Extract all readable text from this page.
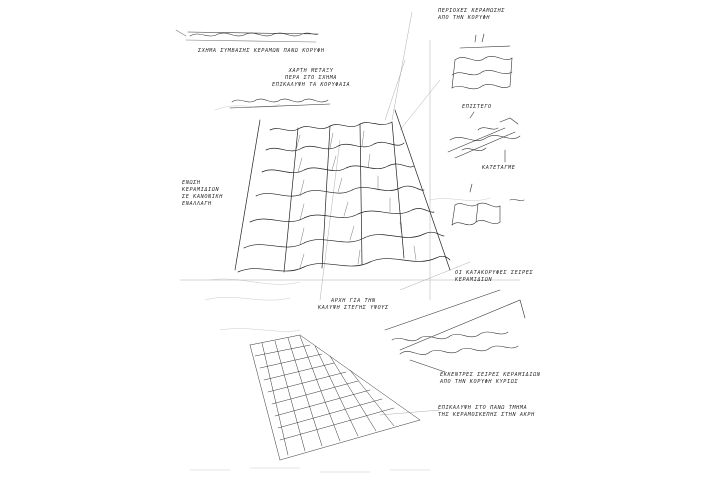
ΣΧΗΜΑ ΣΥΜΒΑΣΗΣ ΚΕΡΑΜΩΝ ΠΑΝΩ ΚΟΡΥΦΗ
ΧΑΡΤΗ ΜΕΤΑΞΥ
ΠΕΡΑ ΣΤΟ ΣΧΗΜΑ
ΕΠΙΚΑΛΥΨΗ ΤΑ ΚΟΡΥΦΑΙΑ
ΠΕΡΙΟΧΕΣ ΚΕΡΑΜΩΣΗΣ
ΑΠΟ ΤΗΝ ΚΟΡΥΦΗ
ΕΠΙΣΤΕΓΟ
ΚΑΤΕΤΑΓΜΕ
ΕΝΩΣΗ
ΚΕΡΑΜΙΔΙΩΝ
ΣΕ ΚΑΝΟΝΙΚΗ
ΕΝΑΛΛΑΓΗ
ΟΙ ΚΑΤΑΚΟΡΥΦΕΣ ΣΕΙΡΕΣ
ΚΕΡΑΜΙΔΙΩΝ
ΑΡΧΗ ΓΙΑ ΤΗΝ
ΚΑΛΥΨΗ ΣΤΕΓΗΣ ΥΨΟΥΣ
ΕΚΚΕΝΤΡΕΣ ΣΕΙΡΕΣ ΚΕΡΑΜΙΔΙΩΝ
ΑΠΟ ΤΗΝ ΚΟΡΥΦΗ ΚΥΡΙΩΣ
ΕΠΙΚΑΛΥΨΗ ΣΤΟ ΠΑΝΩ ΤΜΗΜΑ
ΤΗΣ ΚΕΡΑΜΟΣΚΕΠΗΣ ΣΤΗΝ ΑΚΡΗ
